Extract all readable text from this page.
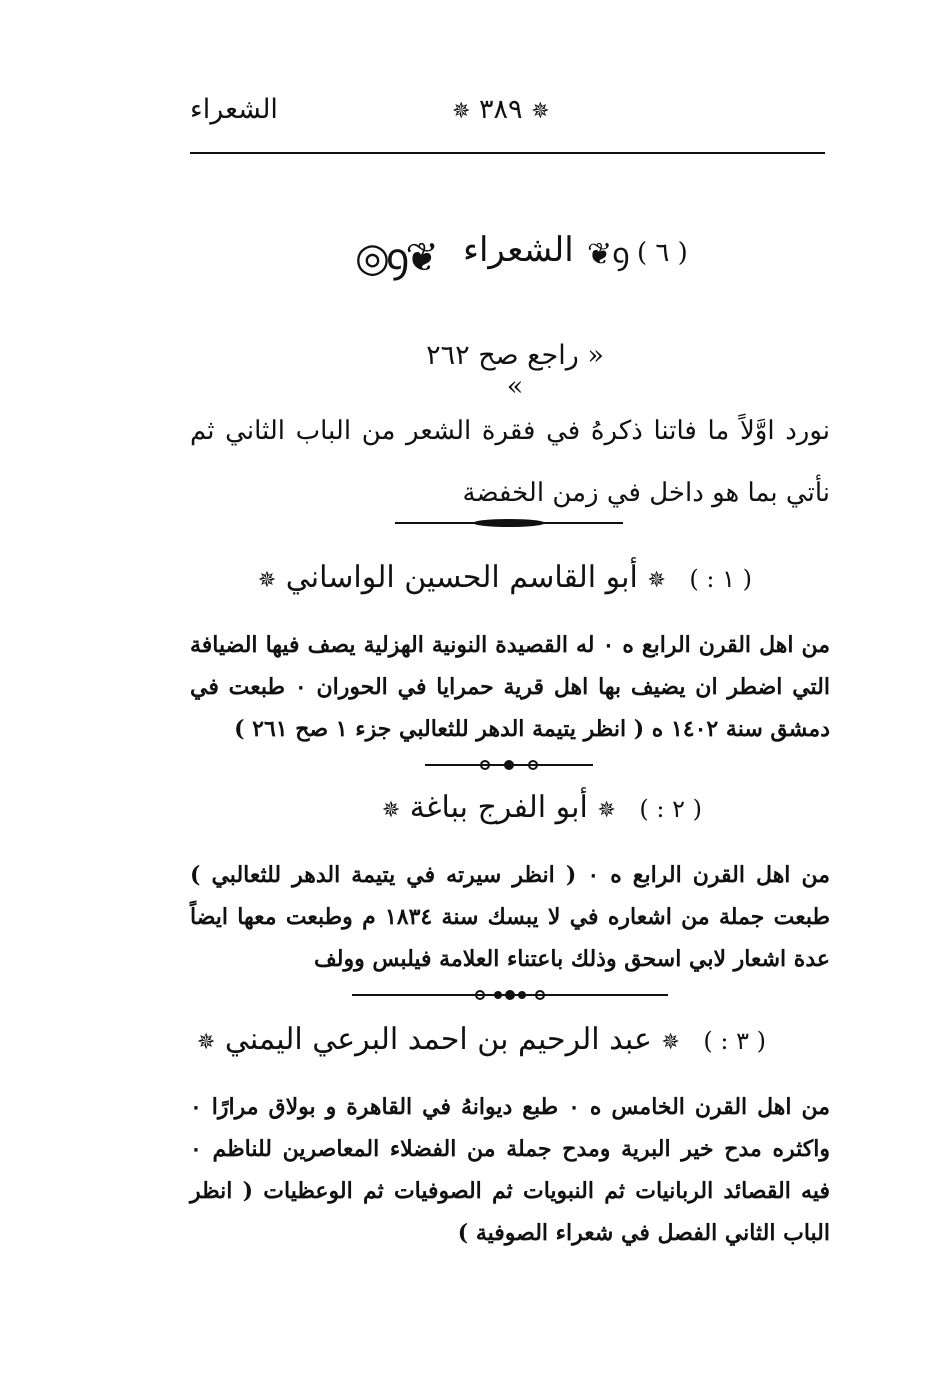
الشعراء	✵ ٣٨٩ ✵
◎ꝯ❦ الشعراء ❦ꝯ ( ٦ )
« راجع صح ٢٦٢ »
نورد اوَّلاً ما فاتنا ذكرهُ في فقرة الشعر من الباب الثاني ثم نأتي بما هو داخل في زمن الخفضة
( ١ : ) ✵ أبو القاسم الحسين الواساني ✵
من اهل القرن الرابع ه ٠ له القصيدة النونية الهزلية يصف فيها الضيافة التي اضطر ان يضيف بها اهل قرية حمرايا في الحوران ٠ طبعت في دمشق سنة ١٤٠٢ ه ( انظر يتيمة الدهر للثعالبي جزء ١ صح ٢٦١ )
( ٢ : ) ✵ أبو الفرج بباغة ✵
من اهل القرن الرابع ه ٠ ( انظر سيرته في يتيمة الدهر للثعالبي ) طبعت جملة من اشعاره في لا يبسك سنة ١٨٣٤ م وطبعت معها ايضاً عدة اشعار لابي اسحق وذلك باعتناء العلامة فيلبس وولف
( ٣ : ) ✵ عبد الرحيم بن احمد البرعي اليمني ✵
من اهل القرن الخامس ه ٠ طبع ديوانهُ في القاهرة و بولاق مرارًا ٠ واكثره مدح خير البرية ومدح جملة من الفضلاء المعاصرين للناظم ٠ فيه القصائد الربانيات ثم النبويات ثم الصوفيات ثم الوعظيات ( انظر الباب الثاني الفصل في شعراء الصوفية )
